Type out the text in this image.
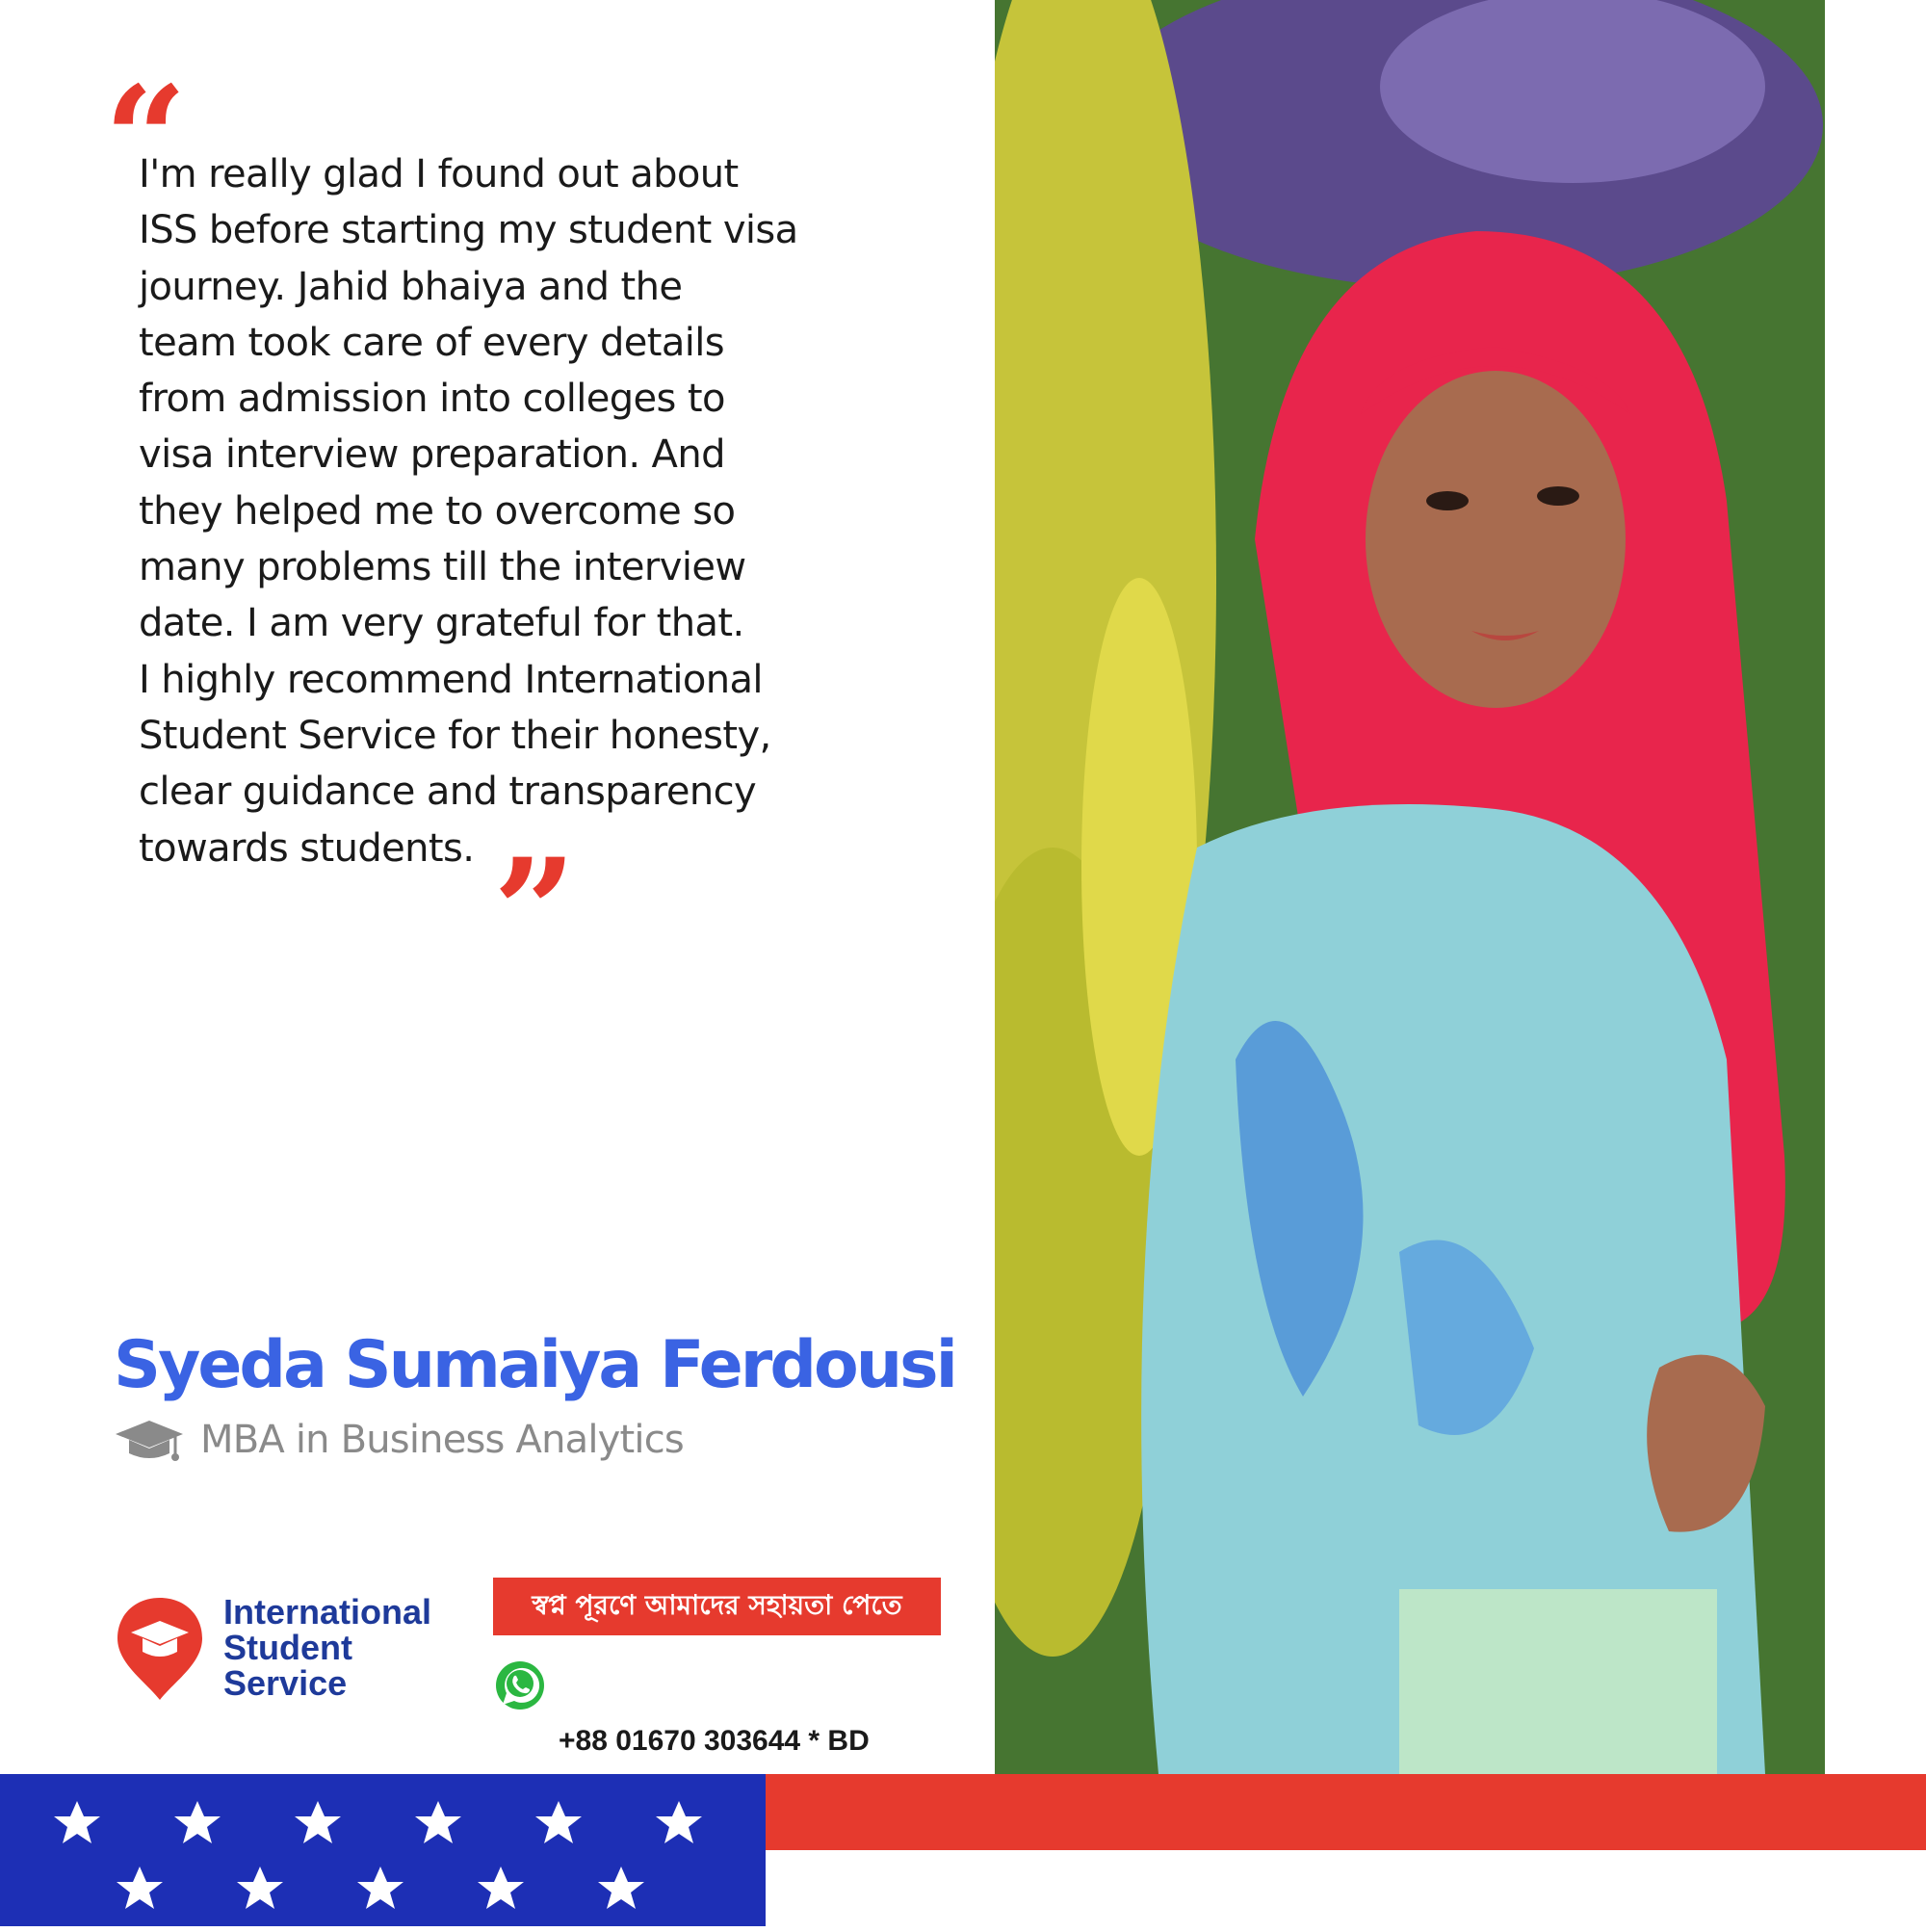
“
I'm really glad I found out about
ISS before starting my student visa
journey. Jahid bhaiya and the
team took care of every details
from admission into colleges to
visa interview preparation. And
they helped me to overcome so
many problems till the interview
date. I am very grateful for that.
I highly recommend International
Student Service for their honesty,
clear guidance and transparency
towards students. ”
Syeda Sumaiya Ferdousi
MBA in Business Analytics
International
Student
Service
স্বপ্ন পূরণে আমাদের সহায়তা পেতে

+88 01670 303644 * BD
